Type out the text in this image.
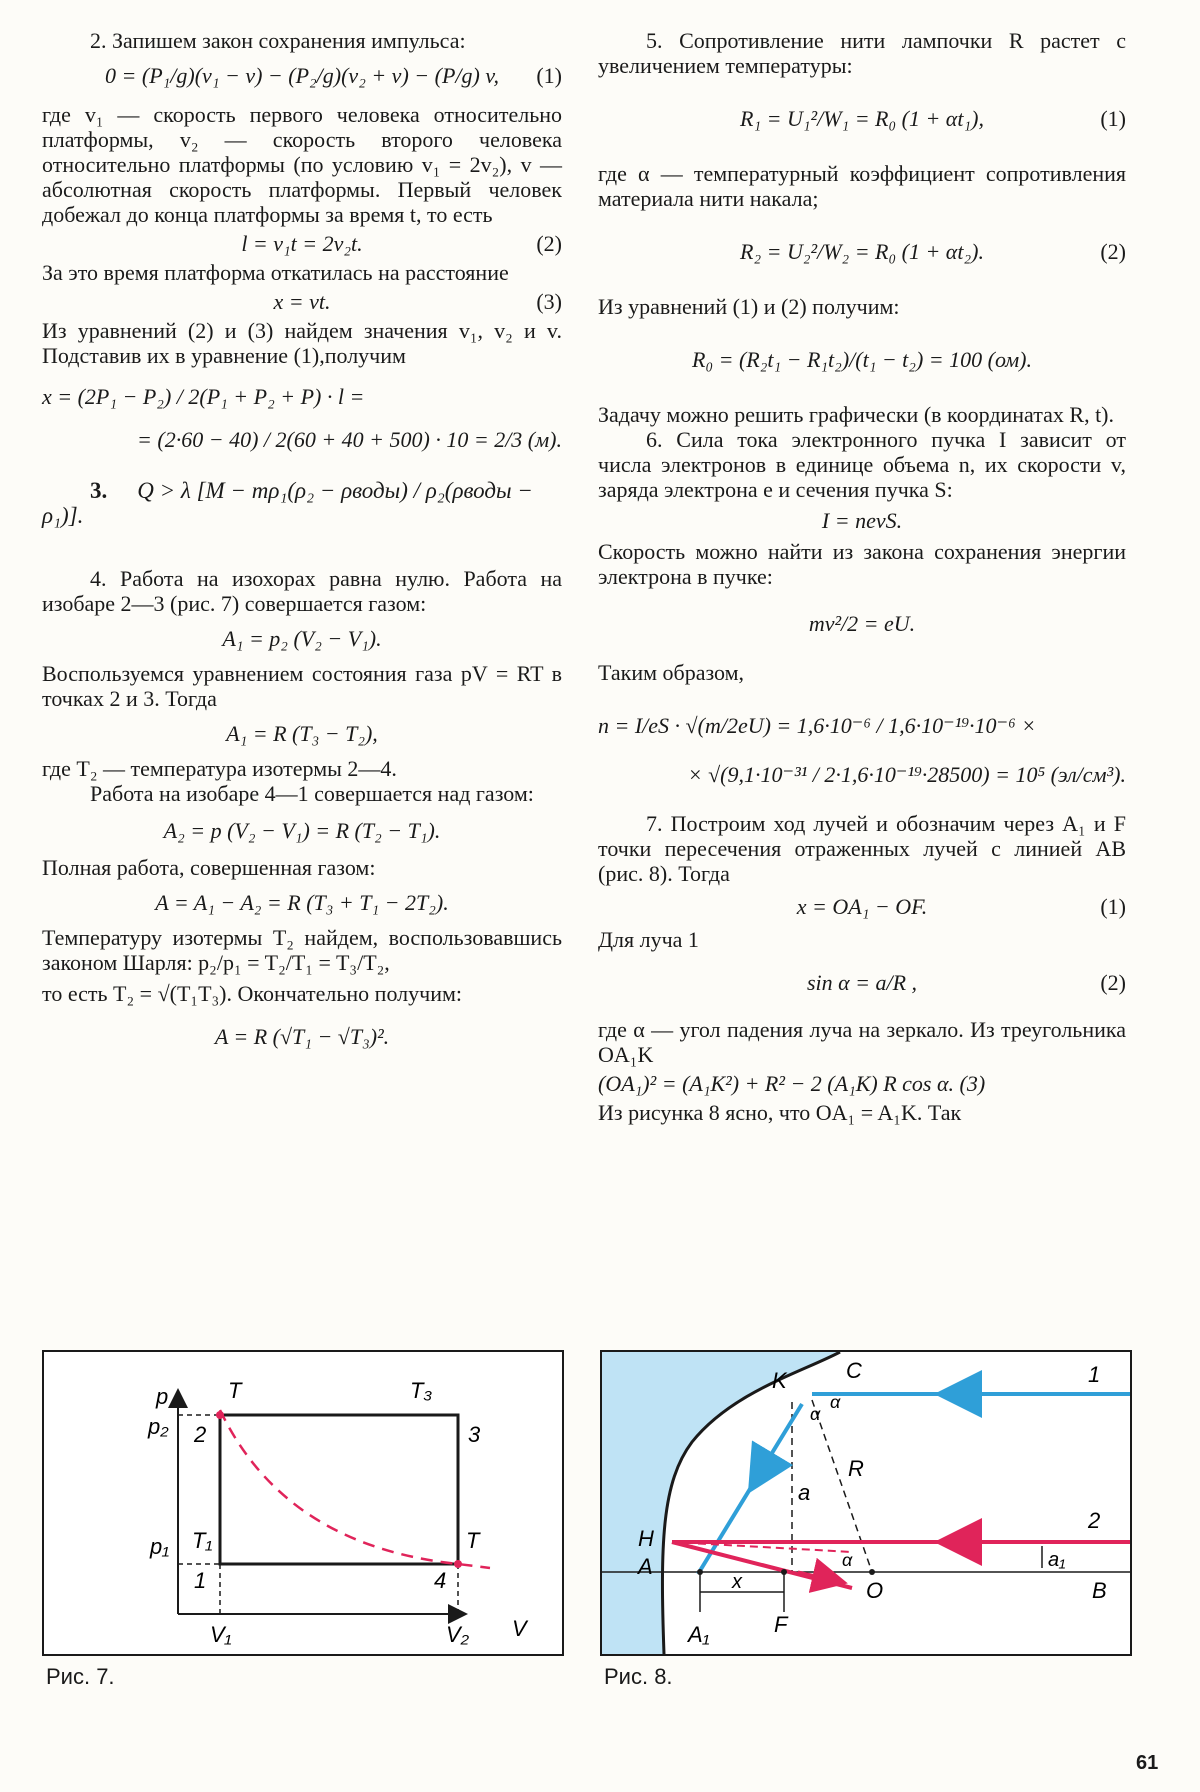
2. Запишем закон сохранения импульса:

0 = (P₁/g)(v₁ − v) − (P₂/g)(v₂ + v) − (P/g) v, (1)

где v₁ — скорость первого человека относительно платформы, v₂ — скорость второго человека относительно платформы (по условию v₁ = 2v₂), v — абсолютная скорость платформы. Первый человек добежал до конца платформы за время t, то есть

l = v₁t = 2v₂t.	(2)

За это время платформа откатилась на расстояние

x = vt.	(3)

Из уравнений (2) и (3) найдем значения v₁, v₂ и v. Подставив их в уравнение (1),получим

x = (2P₁ − P₂) / 2(P₁ + P₂ + P) · l =
= (2·60 − 40) / 2(60 + 40 + 500) · 10 = 2/3 (м).
3. Q > λ [M − mρ₁(ρ₂ − ρводы) / ρ₂(ρводы − ρ₁)].

4. Работа на изохорах равна нулю. Работа на изобаре 2—3 (рис. 7) совершается газом:

A₁ = p₂ (V₂ − V₁).

Воспользуемся уравнением состояния газа pV = RT в точках 2 и 3. Тогда

A₁ = R (T₃ − T₂),

где T₂ — температура изотермы 2—4.

Работа на изобаре 4—1 совершается над газом:

A₂ = p (V₂ − V₁) = R (T₂ − T₁).

Полная работа, совершенная газом:

A = A₁ − A₂ = R (T₃ + T₁ − 2T₂).

Температуру изотермы T₂ найдем, воспользовавшись законом Шарля: p₂/p₁ = T₂/T₁ = T₃/T₂,

то есть T₂ = √(T₁T₃). Окончательно получим:

A = R (√T₁ − √T₃)².

5. Сопротивление нити лампочки R растет с увеличением температуры:

R₁ = U₁²/W₁ = R₀ (1 + αt₁),	(1)

где α — температурный коэффициент сопротивления материала нити накала;

R₂ = U₂²/W₂ = R₀ (1 + αt₂).	(2)

Из уравнений (1) и (2) получим:

R₀ = (R₂t₁ − R₁t₂)/(t₁ − t₂) = 100 (ом).

Задачу можно решить графически (в координатах R, t).

6. Сила тока электронного пучка I зависит от числа электронов в единице объема n, их скорости v, заряда электрона e и сечения пучка S:

I = nevS.

Скорость можно найти из закона сохранения энергии электрона в пучке:

mv²/2 = eU.

Таким образом,

n = I/eS · √(m/2eU) = 1,6·10⁻⁶ / 1,6·10⁻¹⁹·10⁻⁶ ×
× √(9,1·10⁻³¹ / 2·1,6·10⁻¹⁹·28500) = 10⁵ (эл/см³).

7. Построим ход лучей и обозначим через A₁ и F точки пересечения отраженных лучей с линией AB (рис. 8). Тогда

x = OA₁ − OF.	(1)

Для луча 1

sin α = a/R ,	(2)

где α — угол падения луча на зеркало. Из треугольника OA₁K

(OA₁)² = (A₁K²) + R² − 2 (A₁K) R cos α. (3)

Из рисунка 8 ясно, что OA₁ = A₁K. Так

p
p₂
p₁
T	T₃
2	3
1	4
T₁	T
V₁	V₂ V
Рис. 7.
K	C
H
A
O	B
A₁	F
x
R
a
a₁
α
α
α
1
2
Рис. 8.
61
